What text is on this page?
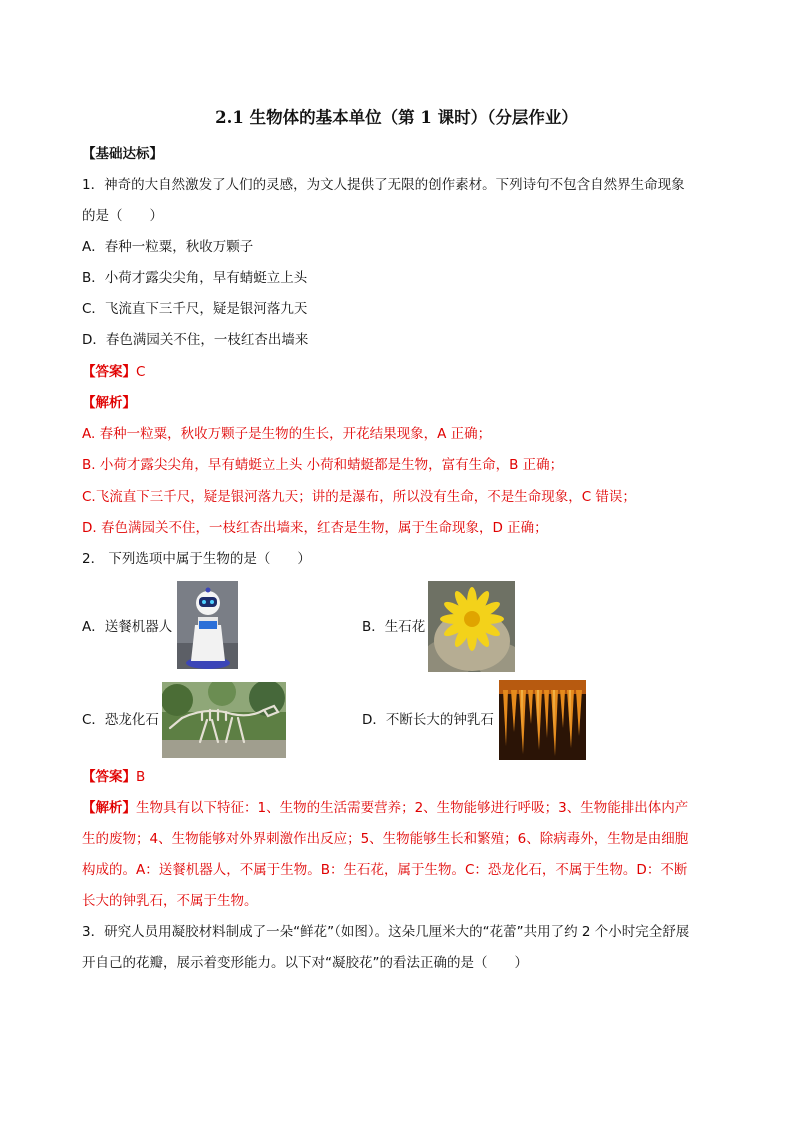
2.1 生物体的基本单位（第 1 课时）（分层作业）
【基础达标】
1．神奇的大自然激发了人们的灵感，为文人提供了无限的创作素材。下列诗句不包含自然界生命现象
的是（　　）
A．春种一粒粟，秋收万颗子
B．小荷才露尖尖角，早有蜻蜓立上头
C．飞流直下三千尺，疑是银河落九天
D．春色满园关不住，一枝红杏出墙来
【答案】C
【解析】
A. 春种一粒粟，秋收万颗子是生物的生长，开花结果现象，A 正确；
B. 小荷才露尖尖角，早有蜻蜓立上头 小荷和蜻蜓都是生物，富有生命，B 正确；
C.飞流直下三千尺，疑是银河落九天；讲的是瀑布，所以没有生命，不是生命现象，C 错误；
D. 春色满园关不住，一枝红杏出墙来，红杏是生物，属于生命现象，D 正确；
2． 下列选项中属于生物的是（　　）
A．送餐机器人	B．生石花
C．恐龙化石	D．不断长大的钟乳石
【答案】B
【解析】生物具有以下特征：1、生物的生活需要营养；2、生物能够进行呼吸；3、生物能排出体内产
生的废物；4、生物能够对外界刺激作出反应；5、生物能够生长和繁殖；6、除病毒外，生物是由细胞
构成的。A：送餐机器人，不属于生物。B：生石花，属于生物。C：恐龙化石，不属于生物。D：不断
长大的钟乳石，不属于生物。
3．研究人员用凝胶材料制成了一朵“鲜花”（如图）。这朵几厘米大的“花蕾”共用了约 2 个小时完全舒展
开自己的花瓣，展示着变形能力。以下对“凝胶花”的看法正确的是（　　）
